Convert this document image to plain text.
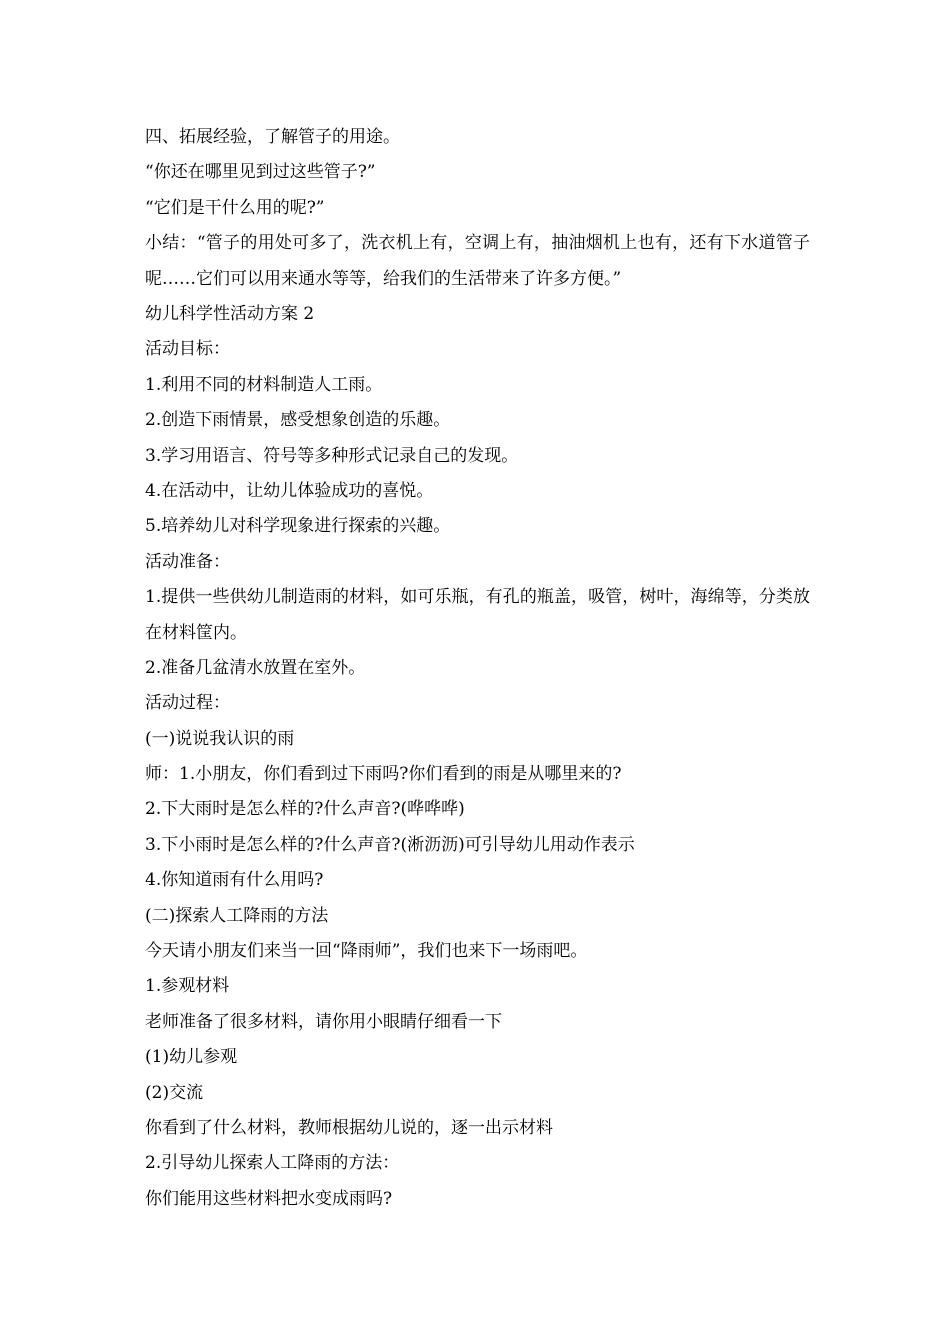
四、拓展经验，了解管子的用途。

“你还在哪里见到过这些管子?”

“它们是干什么用的呢?”

小结：“管子的用处可多了，洗衣机上有，空调上有，抽油烟机上也有，还有下水道管子呢……它们可以用来通水等等，给我们的生活带来了许多方便。”

幼儿科学性活动方案 2

活动目标：

1.利用不同的材料制造人工雨。

2.创造下雨情景，感受想象创造的乐趣。

3.学习用语言、符号等多种形式记录自己的发现。

4.在活动中，让幼儿体验成功的喜悦。

5.培养幼儿对科学现象进行探索的兴趣。

活动准备：

1.提供一些供幼儿制造雨的材料，如可乐瓶，有孔的瓶盖，吸管，树叶，海绵等，分类放在材料筐内。

2.准备几盆清水放置在室外。

活动过程：

(一)说说我认识的雨

师：1.小朋友，你们看到过下雨吗?你们看到的雨是从哪里来的?

2.下大雨时是怎么样的?什么声音?(哗哗哗)

3.下小雨时是怎么样的?什么声音?(淅沥沥)可引导幼儿用动作表示

4.你知道雨有什么用吗?

(二)探索人工降雨的方法

今天请小朋友们来当一回“降雨师”，我们也来下一场雨吧。

1.参观材料

老师准备了很多材料，请你用小眼睛仔细看一下

(1)幼儿参观

(2)交流

你看到了什么材料，教师根据幼儿说的，逐一出示材料

2.引导幼儿探索人工降雨的方法：

你们能用这些材料把水变成雨吗?
